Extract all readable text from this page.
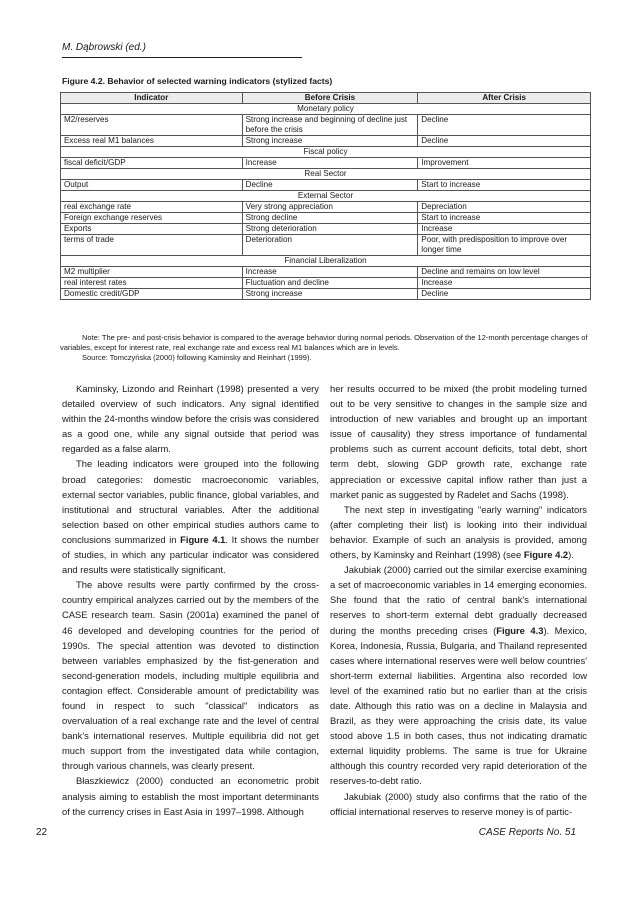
M. Dąbrowski (ed.)
Figure 4.2. Behavior of selected warning indicators (stylized facts)
Indicator	Before Crisis	After Crisis
Monetary policy		
M2/reserves	Strong increase and beginning of decline just before the crisis	Decline
Excess real M1 balances	Strong increase	Decline
Fiscal policy		
fiscal deficit/GDP	Increase	Improvement
Real Sector		
Output	Decline	Start to increase
External Sector		
real exchange rate	Very strong appreciation	Depreciation
Foreign exchange reserves	Strong decline	Start to increase
Exports	Strong deterioration	Increase
terms of trade	Deterioration	Poor, with predisposition to improve over longer time
Financial Liberalization		
M2 multiplier	Increase	Decline and remains on low level
real interest rates	Fluctuation and decline	Increase
Domestic credit/GDP	Strong increase	Decline

Note: The pre- and post-crisis behavior is compared to the average behavior during normal periods. Observation of the 12-month percentage changes of variables, except for interest rate, real exchange rate and excess real M1 balances which are in levels.

Source: Tomczyńska (2000) following Kaminsky and Reinhart (1999).

Kaminsky, Lizondo and Reinhart (1998) presented a very detailed overview of such indicators. Any signal identified within the 24-months window before the crisis was considered as a good one, while any signal outside that period was regarded as a false alarm.

The leading indicators were grouped into the following broad categories: domestic macroeconomic variables, external sector variables, public finance, global variables, and institutional and structural variables. After the additional selection based on other empirical studies authors came to conclusions summarized in Figure 4.1. It shows the number of studies, in which any particular indicator was considered and results were statistically significant.

The above results were partly confirmed by the cross-country empirical analyzes carried out by the members of the CASE research team. Sasin (2001a) examined the panel of 46 developed and developing countries for the period of 1990s. The special attention was devoted to distinction between variables emphasized by the fist-generation and second-generation models, including multiple equilibria and contagion effect. Considerable amount of predictability was found in respect to such "classical" indicators as overvaluation of a real exchange rate and the level of central bank's international reserves. Multiple equilibria did not get much support from the investigated data while contagion, through various channels, was clearly present.

Błaszkiewicz (2000) conducted an econometric probit analysis aiming to establish the most important determinants of the currency crises in East Asia in 1997–1998. Although

her results occurred to be mixed (the probit modeling turned out to be very sensitive to changes in the sample size and introduction of new variables and brought up an important issue of causality) they stress importance of fundamental problems such as current account deficits, total debt, short term debt, slowing GDP growth rate, exchange rate appreciation or excessive capital inflow rather than just a market panic as suggested by Radelet and Sachs (1998).

The next step in investigating "early warning" indicators (after completing their list) is looking into their individual behavior. Example of such an analysis is provided, among others, by Kaminsky and Reinhart (1998) (see Figure 4.2).

Jakubiak (2000) carried out the similar exercise examining a set of macroeconomic variables in 14 emerging economies. She found that the ratio of central bank's international reserves to short-term external debt gradually decreased during the months preceding crises (Figure 4.3). Mexico, Korea, Indonesia, Russia, Bulgaria, and Thailand represented cases where international reserves were well below countries' short-term external liabilities. Argentina also recorded low level of the examined ratio but no earlier than at the crisis date. Although this ratio was on a decline in Malaysia and Brazil, as they were approaching the crisis date, its value stood above 1.5 in both cases, thus not indicating dramatic external liquidity problems. The same is true for Ukraine although this country recorded very rapid deterioration of the reserves-to-debt ratio.

Jakubiak (2000) study also confirms that the ratio of the official international reserves to reserve money is of partic-

22	CASE Reports No. 51
